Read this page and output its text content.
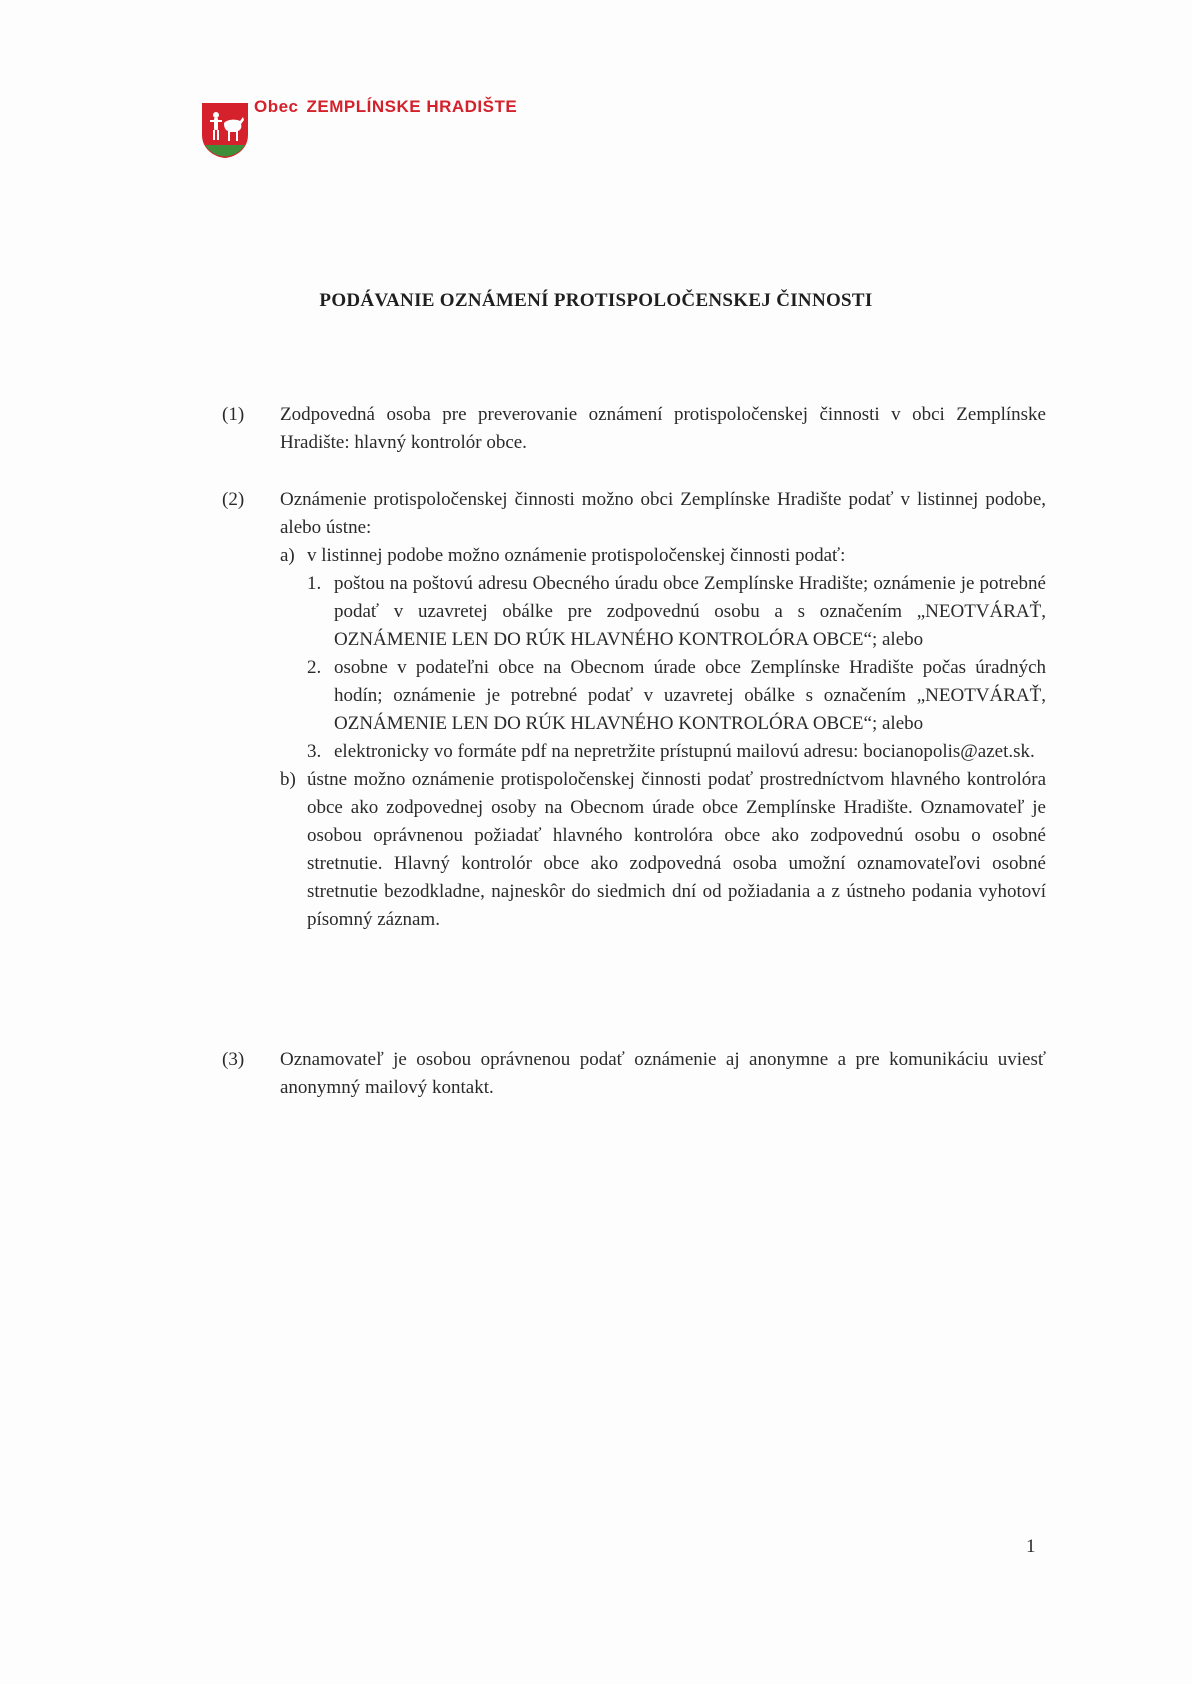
Obec ZEMPLÍNSKE HRADIŠTE
PODÁVANIE OZNÁMENÍ PROTISPOLOČENSKEJ ČINNOSTI
(1)	Zodpovedná osoba pre preverovanie oznámení protispoločenskej činnosti v obci Zemplínske Hradište: hlavný kontrolór obce.
(2)	Oznámenie protispoločenskej činnosti možno obci Zemplínske Hradište podať v listinnej podobe, alebo ústne:
a) v listinnej podobe možno oznámenie protispoločenskej činnosti podať:
1. poštou na poštovú adresu Obecného úradu obce Zemplínske Hradište; oznámenie je potrebné podať v uzavretej obálke pre zodpovednú osobu a s označením „NEOTVÁRAŤ, OZNÁMENIE LEN DO RÚK HLAVNÉHO KONTROLÓRA OBCE“; alebo
2. osobne v podateľni obce na Obecnom úrade obce Zemplínske Hradište počas úradných hodín; oznámenie je potrebné podať v uzavretej obálke s označením „NEOTVÁRAŤ, OZNÁMENIE LEN DO RÚK HLAVNÉHO KONTROLÓRA OBCE“; alebo
3. elektronicky vo formáte pdf na nepretržite prístupnú mailovú adresu: bocianopolis@azet.sk.
b) ústne možno oznámenie protispoločenskej činnosti podať prostredníctvom hlavného kontrolóra obce ako zodpovednej osoby na Obecnom úrade obce Zemplínske Hradište. Oznamovateľ je osobou oprávnenou požiadať hlavného kontrolóra obce ako zodpovednú osobu o osobné stretnutie. Hlavný kontrolór obce ako zodpovedná osoba umožní oznamovateľovi osobné stretnutie bezodkladne, najneskôr do siedmich dní od požiadania a z ústneho podania vyhotoví písomný záznam.
(3)	Oznamovateľ je osobou oprávnenou podať oznámenie aj anonymne a pre komunikáciu uviesť anonymný mailový kontakt.
1
